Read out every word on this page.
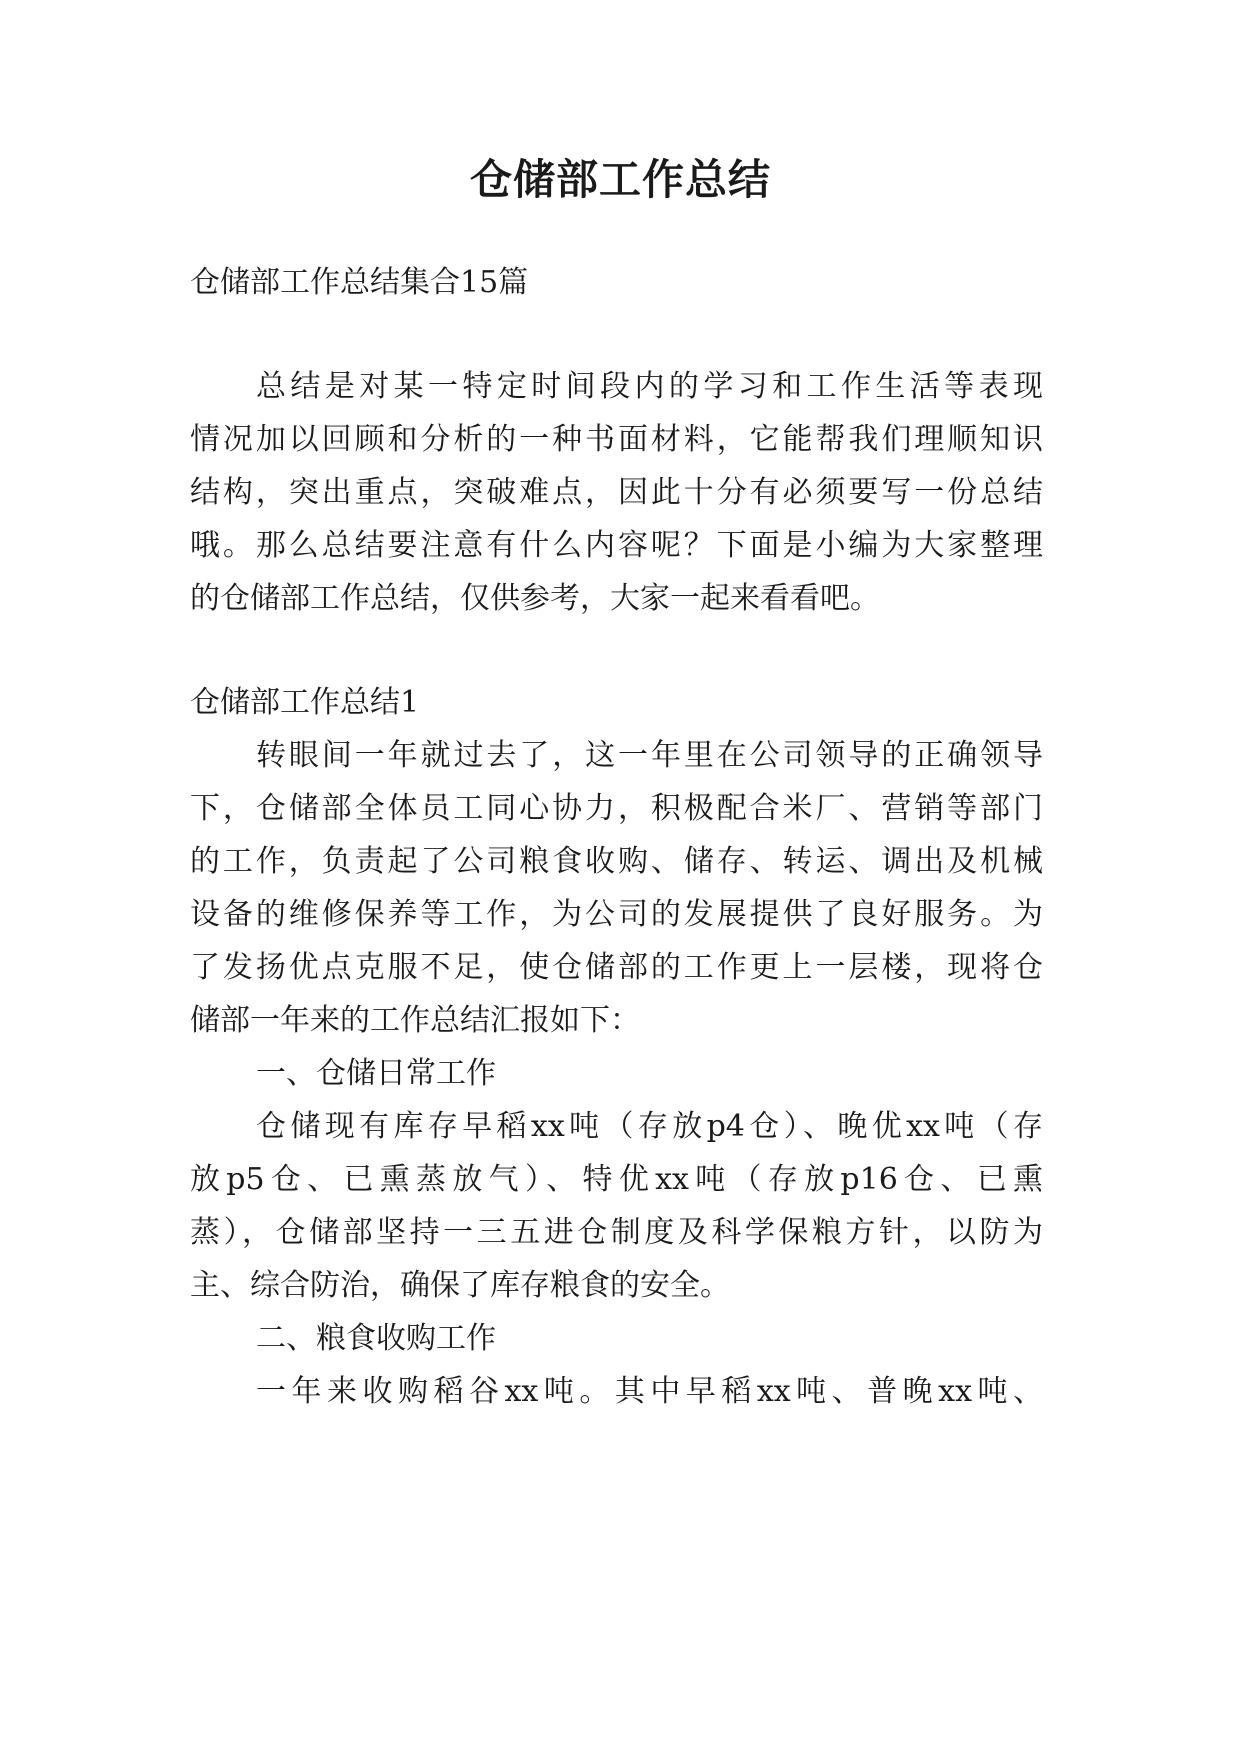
仓储部工作总结

仓储部工作总结集合15篇

总结是对某一特定时间段内的学习和工作生活等表现

情况加以回顾和分析的一种书面材料，它能帮我们理顺知识

结构，突出重点，突破难点，因此十分有必须要写一份总结

哦。那么总结要注意有什么内容呢？下面是小编为大家整理

的仓储部工作总结，仅供参考，大家一起来看看吧。

仓储部工作总结1

转眼间一年就过去了，这一年里在公司领导的正确领导

下，仓储部全体员工同心协力，积极配合米厂、营销等部门

的工作，负责起了公司粮食收购、储存、转运、调出及机械

设备的维修保养等工作，为公司的发展提供了良好服务。为

了发扬优点克服不足，使仓储部的工作更上一层楼，现将仓

储部一年来的工作总结汇报如下：

一、仓储日常工作

仓储现有库存早稻xx吨（存放p4仓）、晚优xx吨（存

放p5仓、已熏蒸放气）、特优xx吨（存放p16仓、已熏

蒸），仓储部坚持一三五进仓制度及科学保粮方针，以防为

主、综合防治，确保了库存粮食的安全。

二、粮食收购工作

一年来收购稻谷xx吨。其中早稻xx吨、普晚xx吨、
